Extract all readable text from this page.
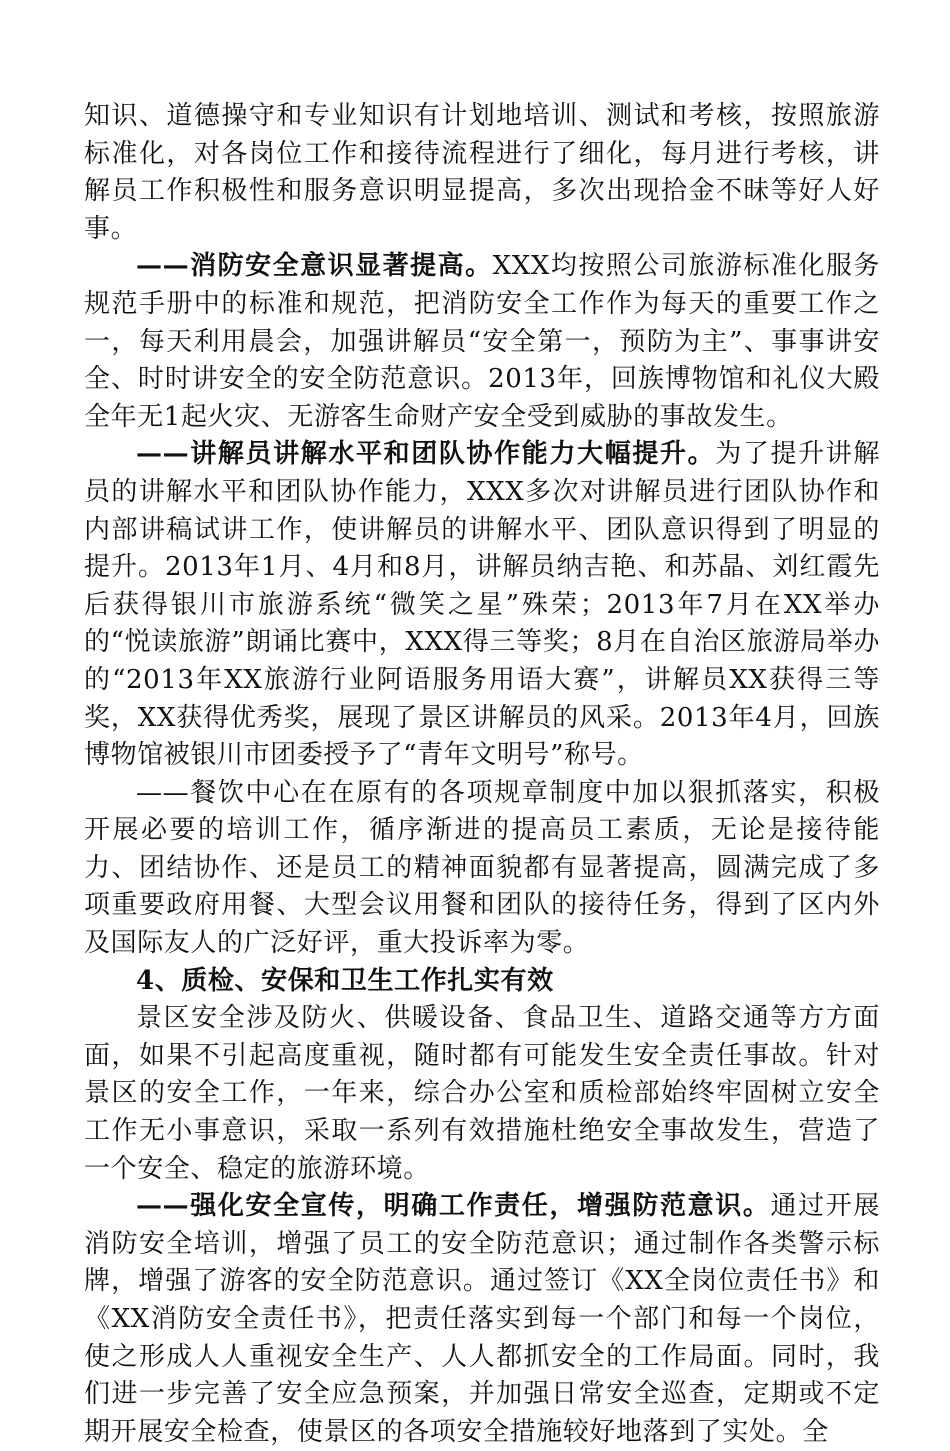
知识、道德操守和专业知识有计划地培训、测试和考核，按照旅游标准化，对各岗位工作和接待流程进行了细化，每月进行考核，讲解员工作积极性和服务意识明显提高，多次出现拾金不昧等好人好事。

——消防安全意识显著提高。XXX均按照公司旅游标准化服务规范手册中的标准和规范，把消防安全工作作为每天的重要工作之一，每天利用晨会，加强讲解员“安全第一，预防为主”、事事讲安全、时时讲安全的安全防范意识。2013年，回族博物馆和礼仪大殿全年无1起火灾、无游客生命财产安全受到威胁的事故发生。

——讲解员讲解水平和团队协作能力大幅提升。为了提升讲解员的讲解水平和团队协作能力，XXX多次对讲解员进行团队协作和内部讲稿试讲工作，使讲解员的讲解水平、团队意识得到了明显的提升。2013年1月、4月和8月，讲解员纳吉艳、和苏晶、刘红霞先后获得银川市旅游系统“微笑之星”殊荣；2013年7月在XX举办的“悦读旅游”朗诵比赛中，XXX得三等奖；8月在自治区旅游局举办的“2013年XX旅游行业阿语服务用语大赛”，讲解员XX获得三等奖，XX获得优秀奖，展现了景区讲解员的风采。2013年4月，回族博物馆被银川市团委授予了“青年文明号”称号。

——餐饮中心在在原有的各项规章制度中加以狠抓落实，积极开展必要的培训工作，循序渐进的提高员工素质，无论是接待能力、团结协作、还是员工的精神面貌都有显著提高，圆满完成了多项重要政府用餐、大型会议用餐和团队的接待任务，得到了区内外及国际友人的广泛好评，重大投诉率为零。

4、质检、安保和卫生工作扎实有效

景区安全涉及防火、供暖设备、食品卫生、道路交通等方方面面，如果不引起高度重视，随时都有可能发生安全责任事故。针对景区的安全工作，一年来，综合办公室和质检部始终牢固树立安全工作无小事意识，采取一系列有效措施杜绝安全事故发生，营造了一个安全、稳定的旅游环境。

——强化安全宣传，明确工作责任，增强防范意识。通过开展消防安全培训，增强了员工的安全防范意识；通过制作各类警示标牌，增强了游客的安全防范意识。通过签订《XX全岗位责任书》和《XX消防安全责任书》，把责任落实到每一个部门和每一个岗位，使之形成人人重视安全生产、人人都抓安全的工作局面。同时，我们进一步完善了安全应急预案，并加强日常安全巡查，定期或不定期开展安全检查，使景区的各项安全措施较好地落到了实处。全
